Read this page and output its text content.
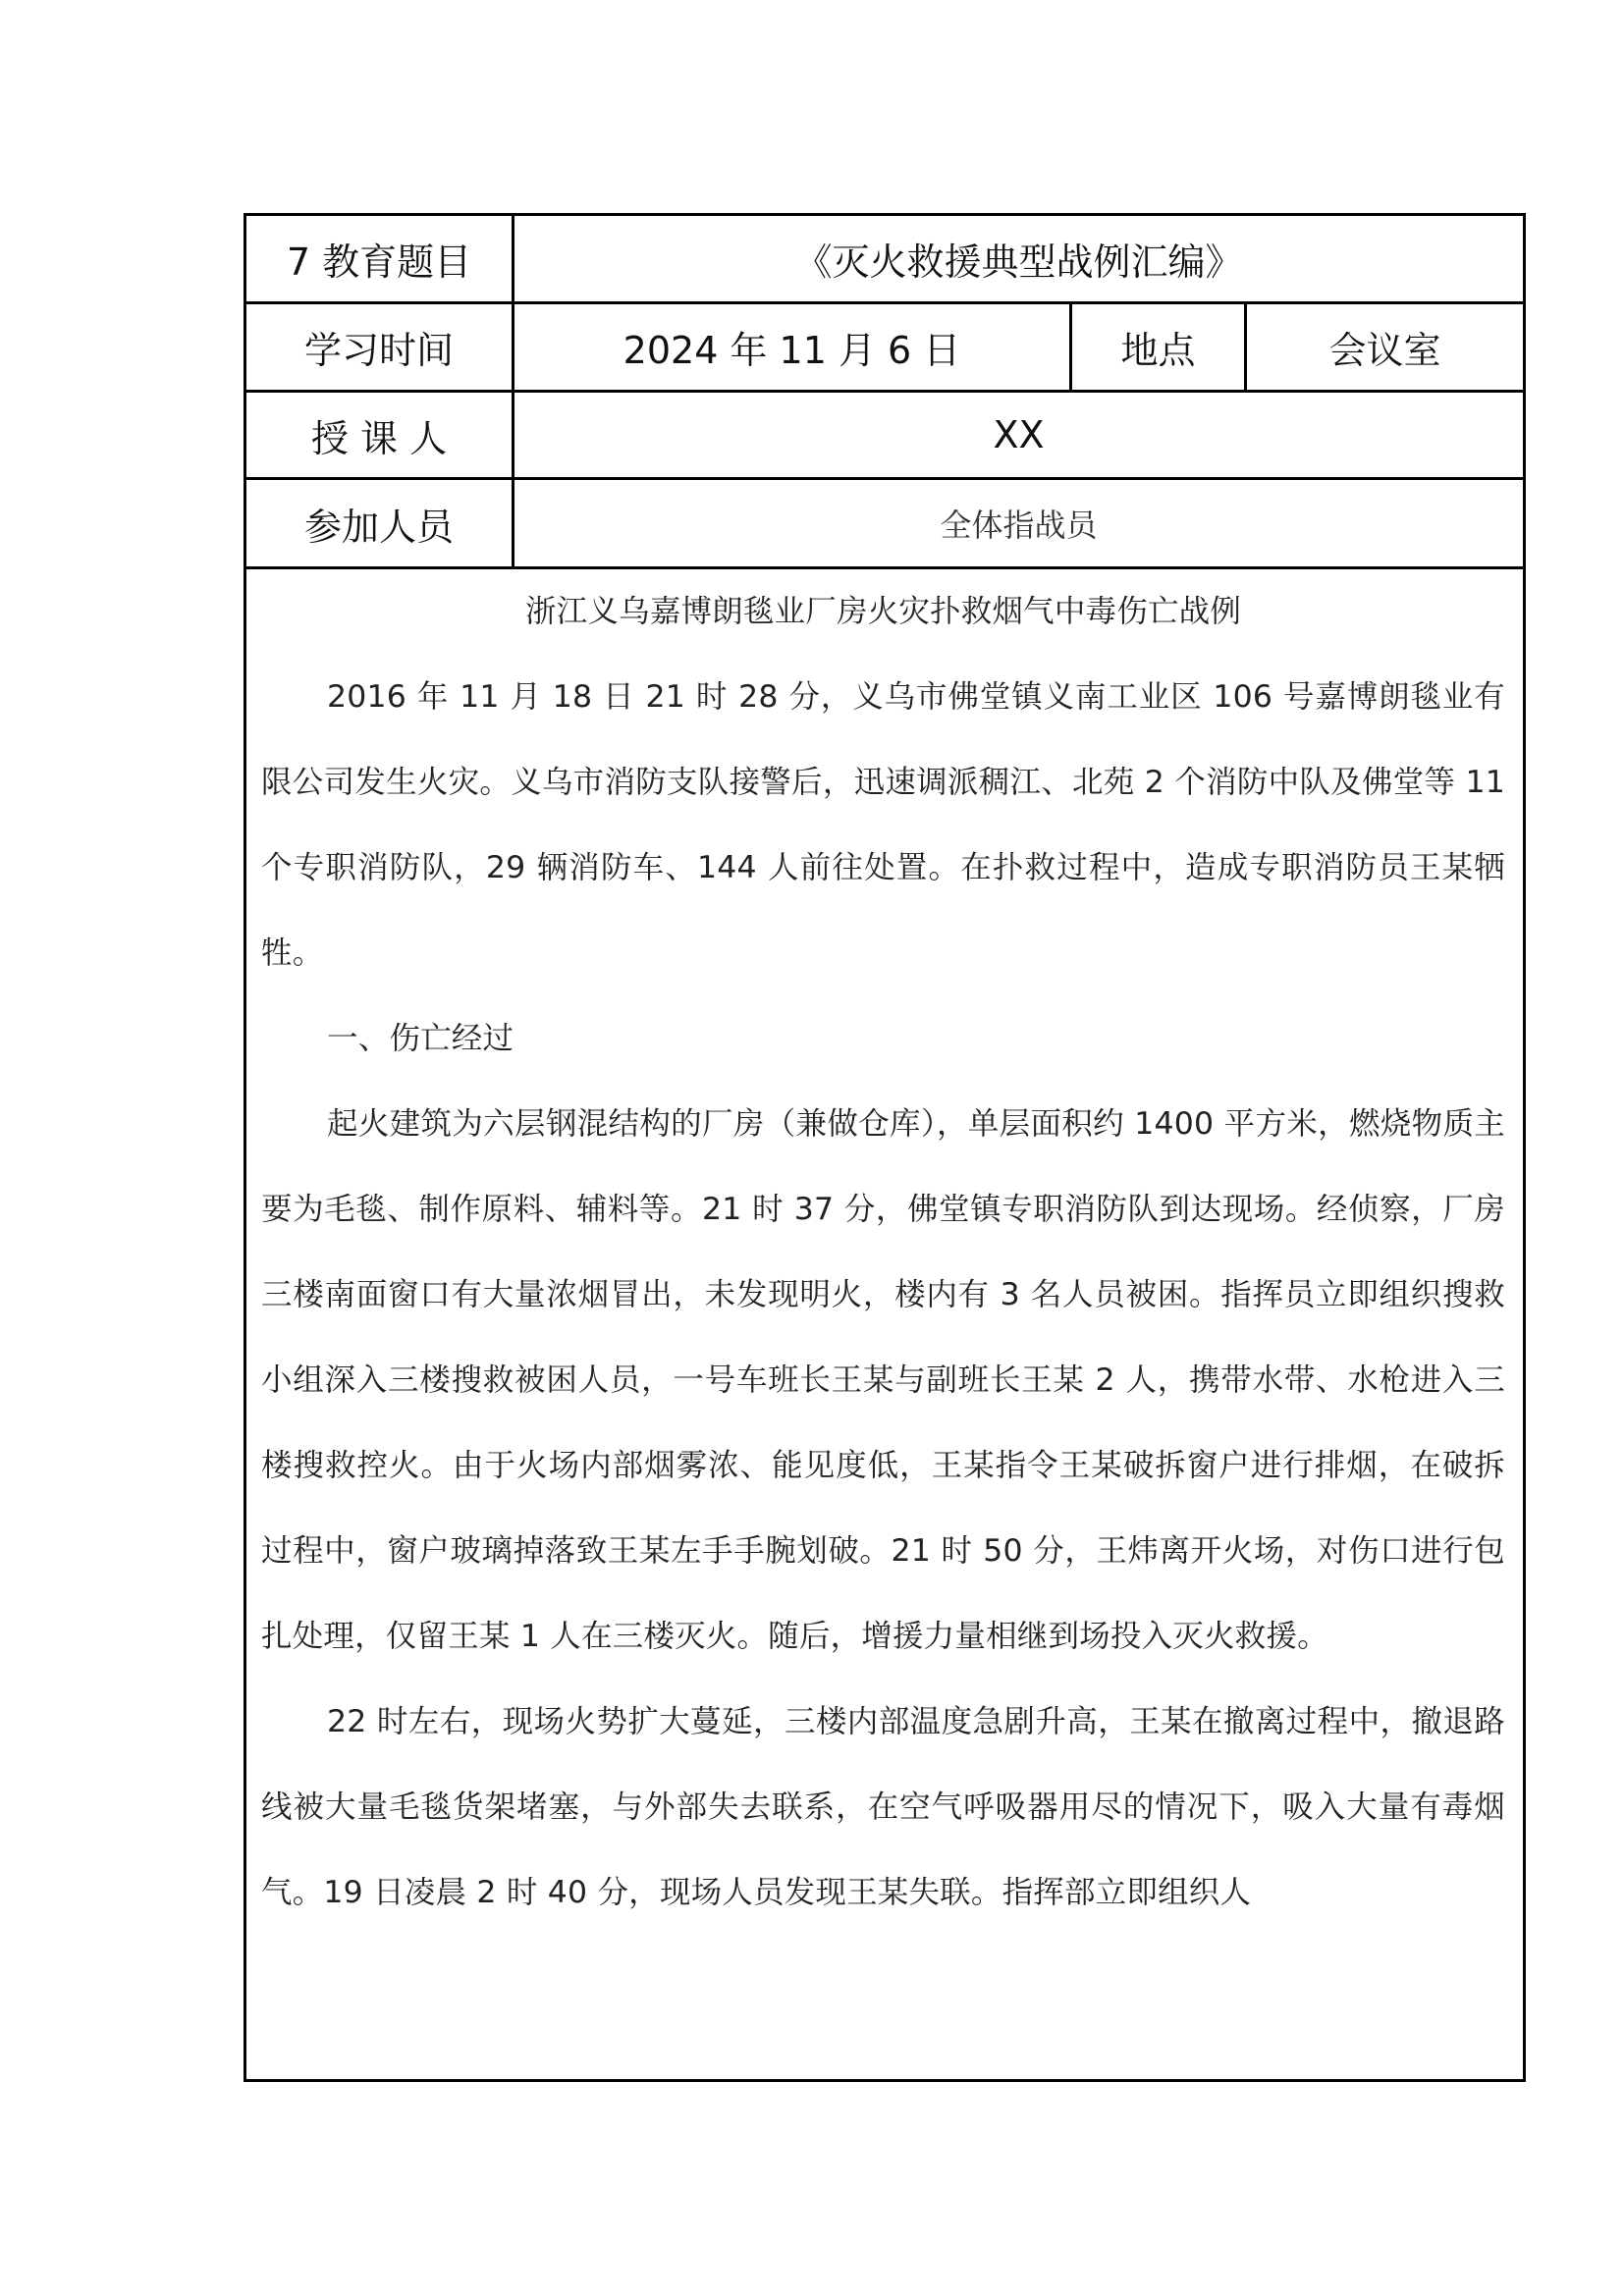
7 教育题目	《灭火救援典型战例汇编》
学习时间	2024 年 11 月 6 日	地点	会议室
授 课 人	XX
参加人员	全体指战员

浙江义乌嘉博朗毯业厂房火灾扑救烟气中毒伤亡战例

2016 年 11 月 18 日 21 时 28 分，义乌市佛堂镇义南工业区 106 号嘉博朗毯业有限公司发生火灾。义乌市消防支队接警后，迅速调派稠江、北苑 2 个消防中队及佛堂等 11 个专职消防队，29 辆消防车、144 人前往处置。在扑救过程中，造成专职消防员王某牺牲。

一、伤亡经过

起火建筑为六层钢混结构的厂房（兼做仓库），单层面积约 1400 平方米，燃烧物质主要为毛毯、制作原料、辅料等。21 时 37 分，佛堂镇专职消防队到达现场。经侦察，厂房三楼南面窗口有大量浓烟冒出，未发现明火，楼内有 3 名人员被困。指挥员立即组织搜救小组深入三楼搜救被困人员，一号车班长王某与副班长王某 2 人，携带水带、水枪进入三楼搜救控火。由于火场内部烟雾浓、能见度低，王某指令王某破拆窗户进行排烟，在破拆过程中，窗户玻璃掉落致王某左手手腕划破。21 时 50 分，王炜离开火场，对伤口进行包扎处理，仅留王某 1 人在三楼灭火。随后，增援力量相继到场投入灭火救援。

22 时左右，现场火势扩大蔓延，三楼内部温度急剧升高，王某在撤离过程中，撤退路线被大量毛毯货架堵塞，与外部失去联系，在空气呼吸器用尽的情况下，吸入大量有毒烟气。19 日凌晨 2 时 40 分，现场人员发现王某失联。指挥部立即组织人
